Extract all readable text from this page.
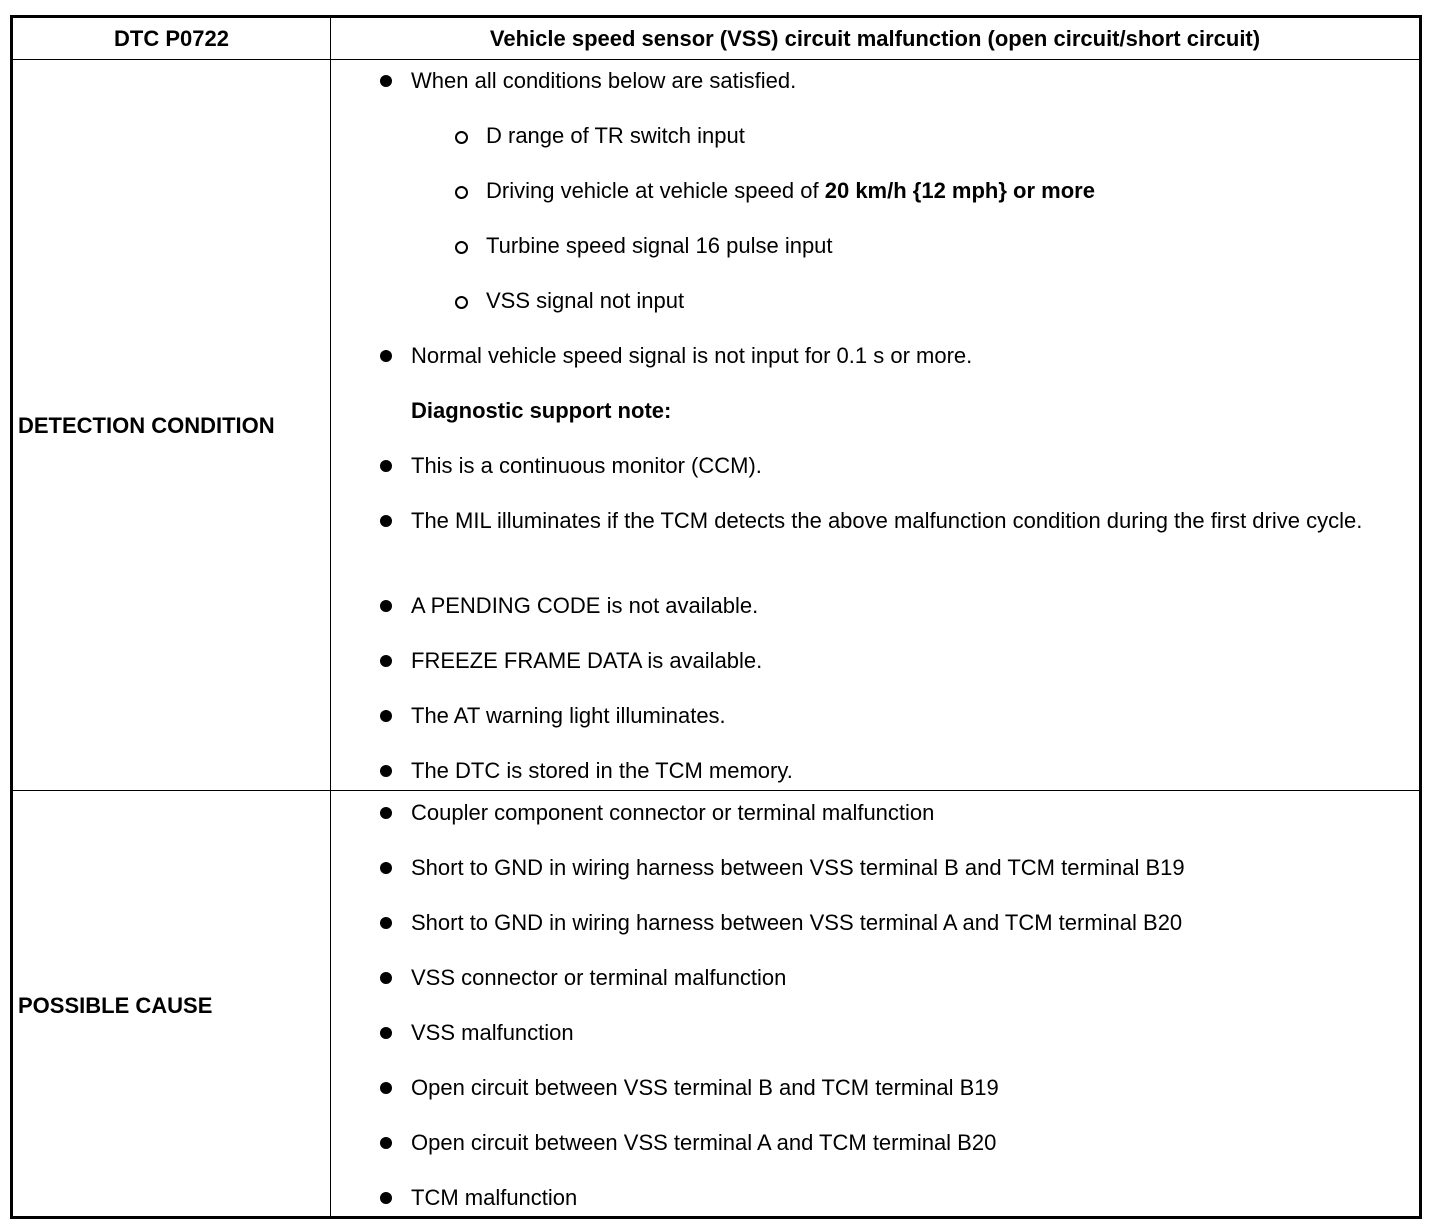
DTC P0722	Vehicle speed sensor (VSS) circuit malfunction (open circuit/short circuit)
DETECTION CONDITION
When all conditions below are satisfied.
D range of TR switch input
Driving vehicle at vehicle speed of 20 km/h {12 mph} or more
Turbine speed signal 16 pulse input
VSS signal not input
Normal vehicle speed signal is not input for 0.1 s or more.
Diagnostic support note:
This is a continuous monitor (CCM).
The MIL illuminates if the TCM detects the above malfunction condition during the first drive cycle.
A PENDING CODE is not available.
FREEZE FRAME DATA is available.
The AT warning light illuminates.
The DTC is stored in the TCM memory.
POSSIBLE CAUSE
Coupler component connector or terminal malfunction
Short to GND in wiring harness between VSS terminal B and TCM terminal B19
Short to GND in wiring harness between VSS terminal A and TCM terminal B20
VSS connector or terminal malfunction
VSS malfunction
Open circuit between VSS terminal B and TCM terminal B19
Open circuit between VSS terminal A and TCM terminal B20
TCM malfunction
